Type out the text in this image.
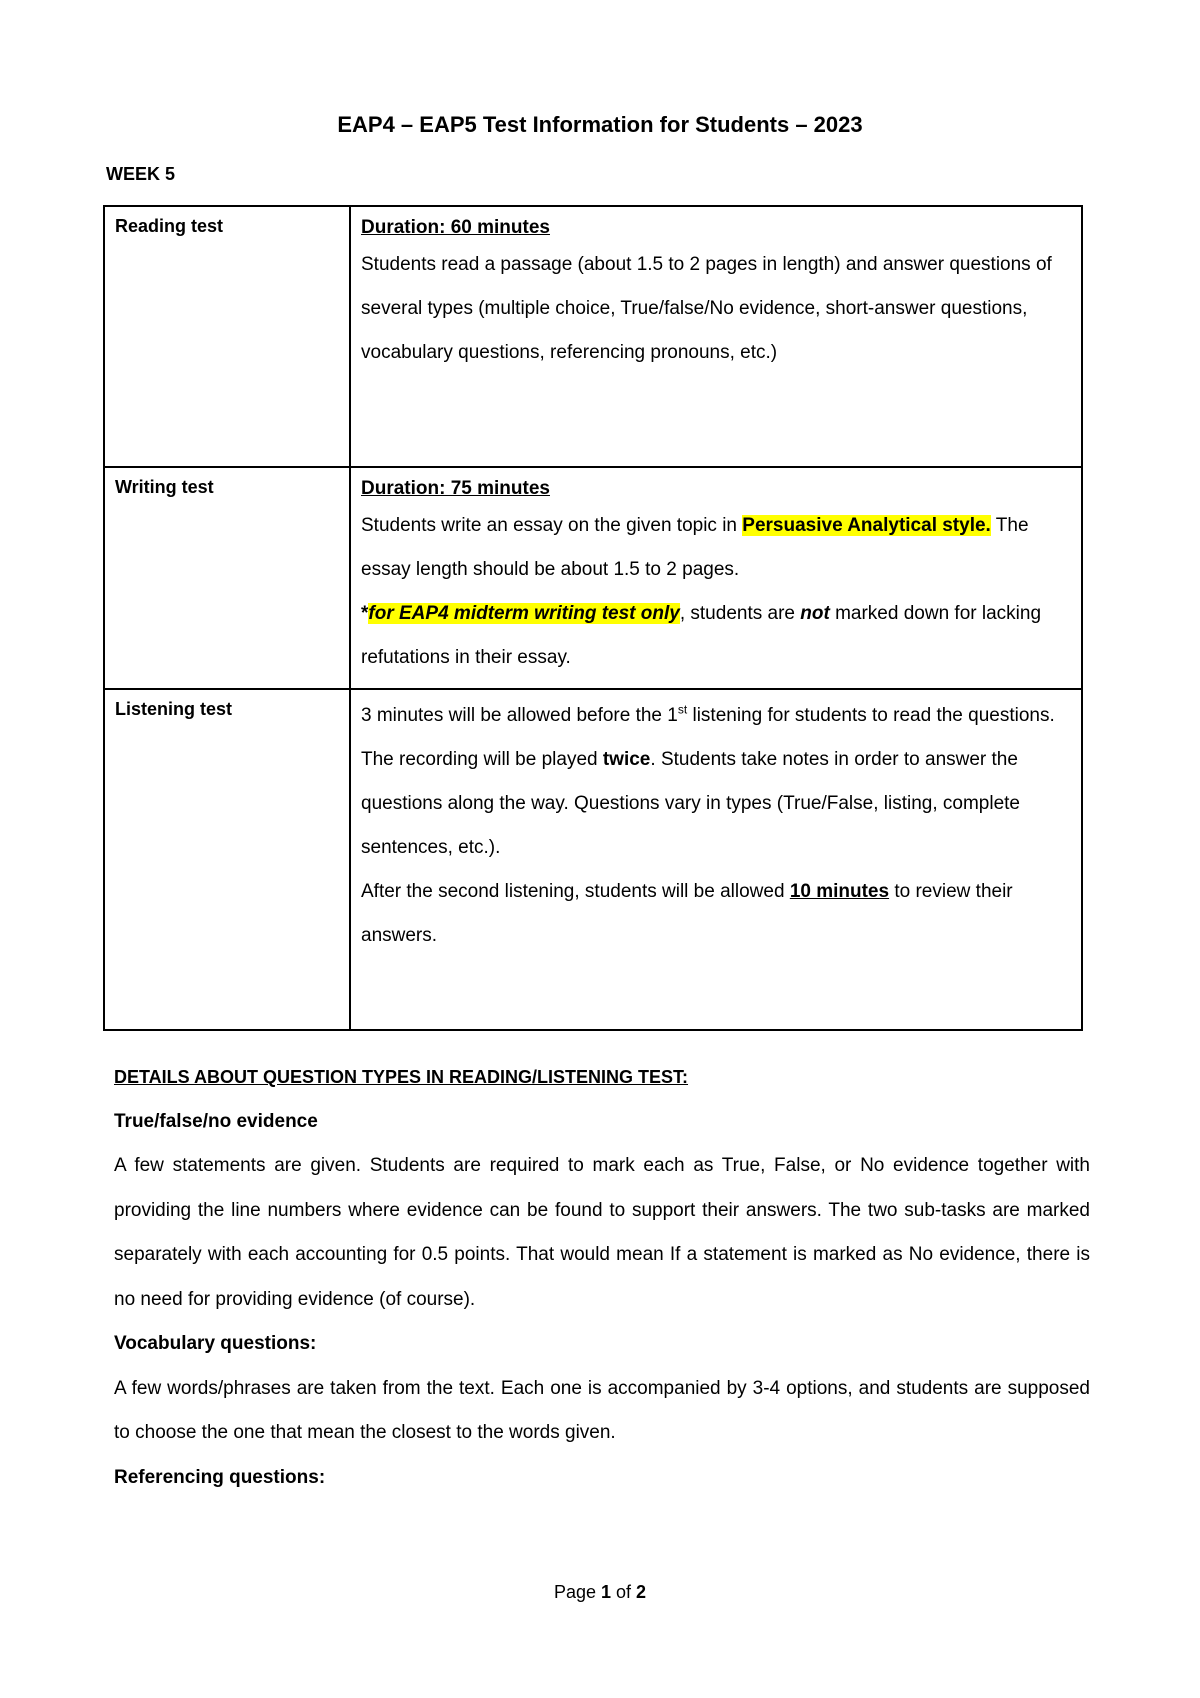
EAP4 – EAP5 Test Information for Students – 2023

WEEK 5

Reading test	Duration: 60 minutes

Students read a passage (about 1.5 to 2 pages in length) and answer questions of several types (multiple choice, True/false/No evidence, short-answer questions, vocabulary questions, referencing pronouns, etc.)

Writing test	Duration: 75 minutes

Students write an essay on the given topic in Persuasive Analytical style. The essay length should be about 1.5 to 2 pages.

*for EAP4 midterm writing test only, students are not marked down for lacking refutations in their essay.

Listening test	3 minutes will be allowed before the 1st listening for students to read the questions.

The recording will be played twice. Students take notes in order to answer the questions along the way. Questions vary in types (True/False, listing, complete sentences, etc.).

After the second listening, students will be allowed 10 minutes to review their answers.

DETAILS ABOUT QUESTION TYPES IN READING/LISTENING TEST:

True/false/no evidence

A few statements are given. Students are required to mark each as True, False, or No evidence together with providing the line numbers where evidence can be found to support their answers. The two sub-tasks are marked separately with each accounting for 0.5 points. That would mean If a statement is marked as No evidence, there is no need for providing evidence (of course).

Vocabulary questions:

A few words/phrases are taken from the text. Each one is accompanied by 3-4 options, and students are supposed to choose the one that mean the closest to the words given.

Referencing questions:

Page 1 of 2
